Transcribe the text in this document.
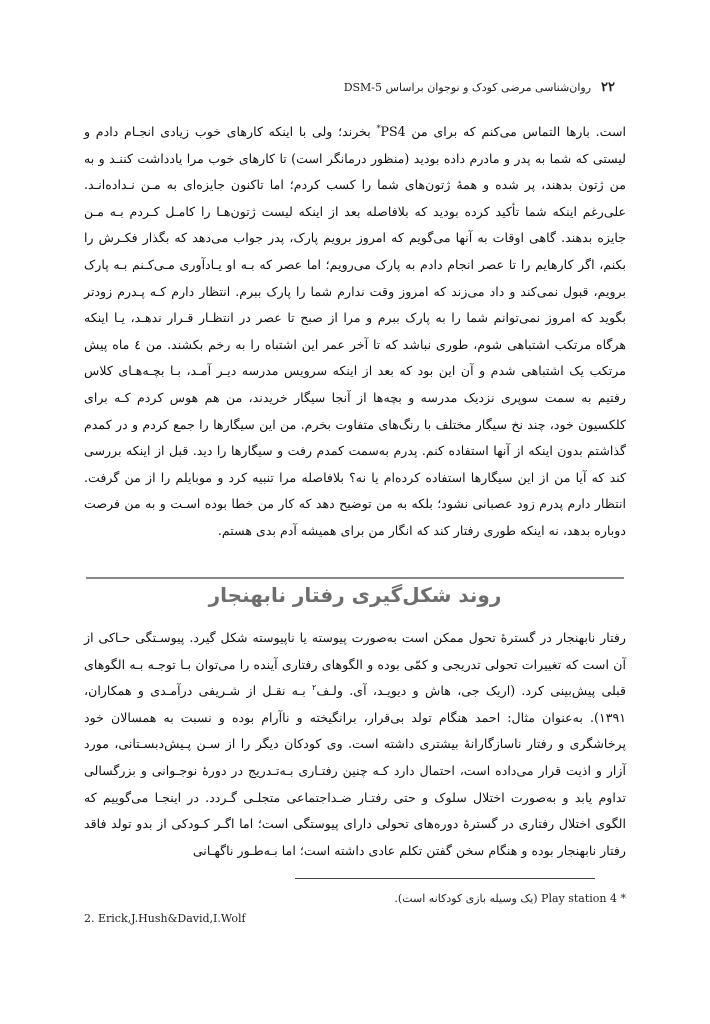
۲۲
روان‌شناسی مرضی کودک و نوجوان براساس DSM-5

است. بارها التماس می‌کنم که برای من PS4* بخرند؛ ولی با اینکه کارهای خوب زیادی انجـام دادم و لیستی که شما به پدر و مادرم داده بودید (منظور درمانگر است) تا کارهای خوب مرا یادداشت کننـد و به من ژتون بدهند، پر شده و همهٔ ژتون‌های شما را کسب کردم؛ اما تاکنون جایزه‌ای به مـن نـداده‌انـد. علی‌رغم اینکه شما تأکید کرده بودید که بلافاصله بعد از اینکه لیست ژتون‌هـا را کامـل کـردم بـه مـن جایزه بدهند. گاهی اوقات به آنها می‌گویم که امروز برویم پارک، پدر جواب می‌دهد که بگذار فکـرش را بکنم، اگر کارهایم را تا عصر انجام دادم به پارک می‌رویم؛ اما عصر که بـه او یـادآوری مـی‌کـنم بـه پارک برویم، قبول نمی‌کند و داد می‌زند که امروز وقت ندارم شما را پارک ببرم. انتظار دارم کـه پـدرم زودتر بگوید که امروز نمی‌توانم شما را به پارک ببرم و مرا از صبح تا عصر در انتظـار قـرار ندهـد، یـا اینکه هرگاه مرتکب اشتباهی شوم، طوری نباشد که تا آخر عمر این اشتباه را به رخم بکشند. من ٤ ماه پیش مرتکب یک اشتباهی شدم و آن این بود که بعد از اینکه سرویس مدرسه دیـر آمـد، بـا بچـه‌هـای کلاس رفتیم به سمت سوپری نزدیک مدرسه و بچه‌ها از آنجا سیگار خریدند، من هم هوس کردم کـه برای کلکسیون خود، چند نخ سیگار مختلف با رنگ‌های متفاوت بخرم. من این سیگارها را جمع کردم و در کمدم گذاشتم بدون اینکه از آنها استفاده کنم. پدرم به‌سمت کمدم رفت و سیگارها را دید. قبل از اینکه بررسی کند که آیا من از این سیگارها استفاده کرده‌ام یا نه؟ بلافاصله مرا تنبیه کرد و موبایلم را از من گرفت. انتظار دارم پدرم زود عصبانی نشود؛ بلکه به من توضیح دهد که کار من خطا بوده اسـت و به من فرصت دوباره بدهد، نه اینکه طوری رفتار کند که انگار من برای همیشه آدم بدی هستم.

روند شکل‌گیری رفتار نابهنجار

رفتار نابهنجار در گسترهٔ تحول ممکن است به‌صورت پیوسته یا ناپیوسته شکل گیرد. پیوسـتگی حـاکی از آن است که تغییرات تحولی تدریجی و کمّی بوده و الگوهای رفتاری آینده را می‌توان بـا توجـه بـه الگوهای قبلی پیش‌بینی کرد. (اریک جی، هاش و دیویـد، آی. ولـف$^۲$ بـه نقـل از شـریفی درآمـدی و همکاران، ۱۳۹۱). به‌عنوان مثال: احمد هنگام تولد بی‌قرار، برانگیخته و ناآرام بوده و نسبت به همسالان خود پرخاشگری و رفتار ناسازگارانهٔ بیشتری داشته است. وی کودکان دیگر را از سـن پـیش‌دبسـتانی، مورد آزار و اذیت قرار می‌داده است، احتمال دارد کـه چنین رفتـاری بـه‌تـدریج در دورهٔ نوجـوانی و بزرگسالی تداوم یابد و به‌صورت اختلال سلوک و حتی رفتـار ضـداجتماعی متجلـی گـردد. در اینجـا می‌گوییم که الگوی اختلال رفتاری در گسترهٔ دوره‌های تحولی دارای پیوستگی است؛ اما اگـر کـودکی از بدو تولد فاقد رفتار نابهنجار بوده و هنگام سخن گفتن تکلم عادی داشته است؛ اما بـه‌طـور ناگهـانی

* Play station 4 (یک وسیله بازی کودکانه است).
2. Erick,J.Hush&David,I.Wolf
